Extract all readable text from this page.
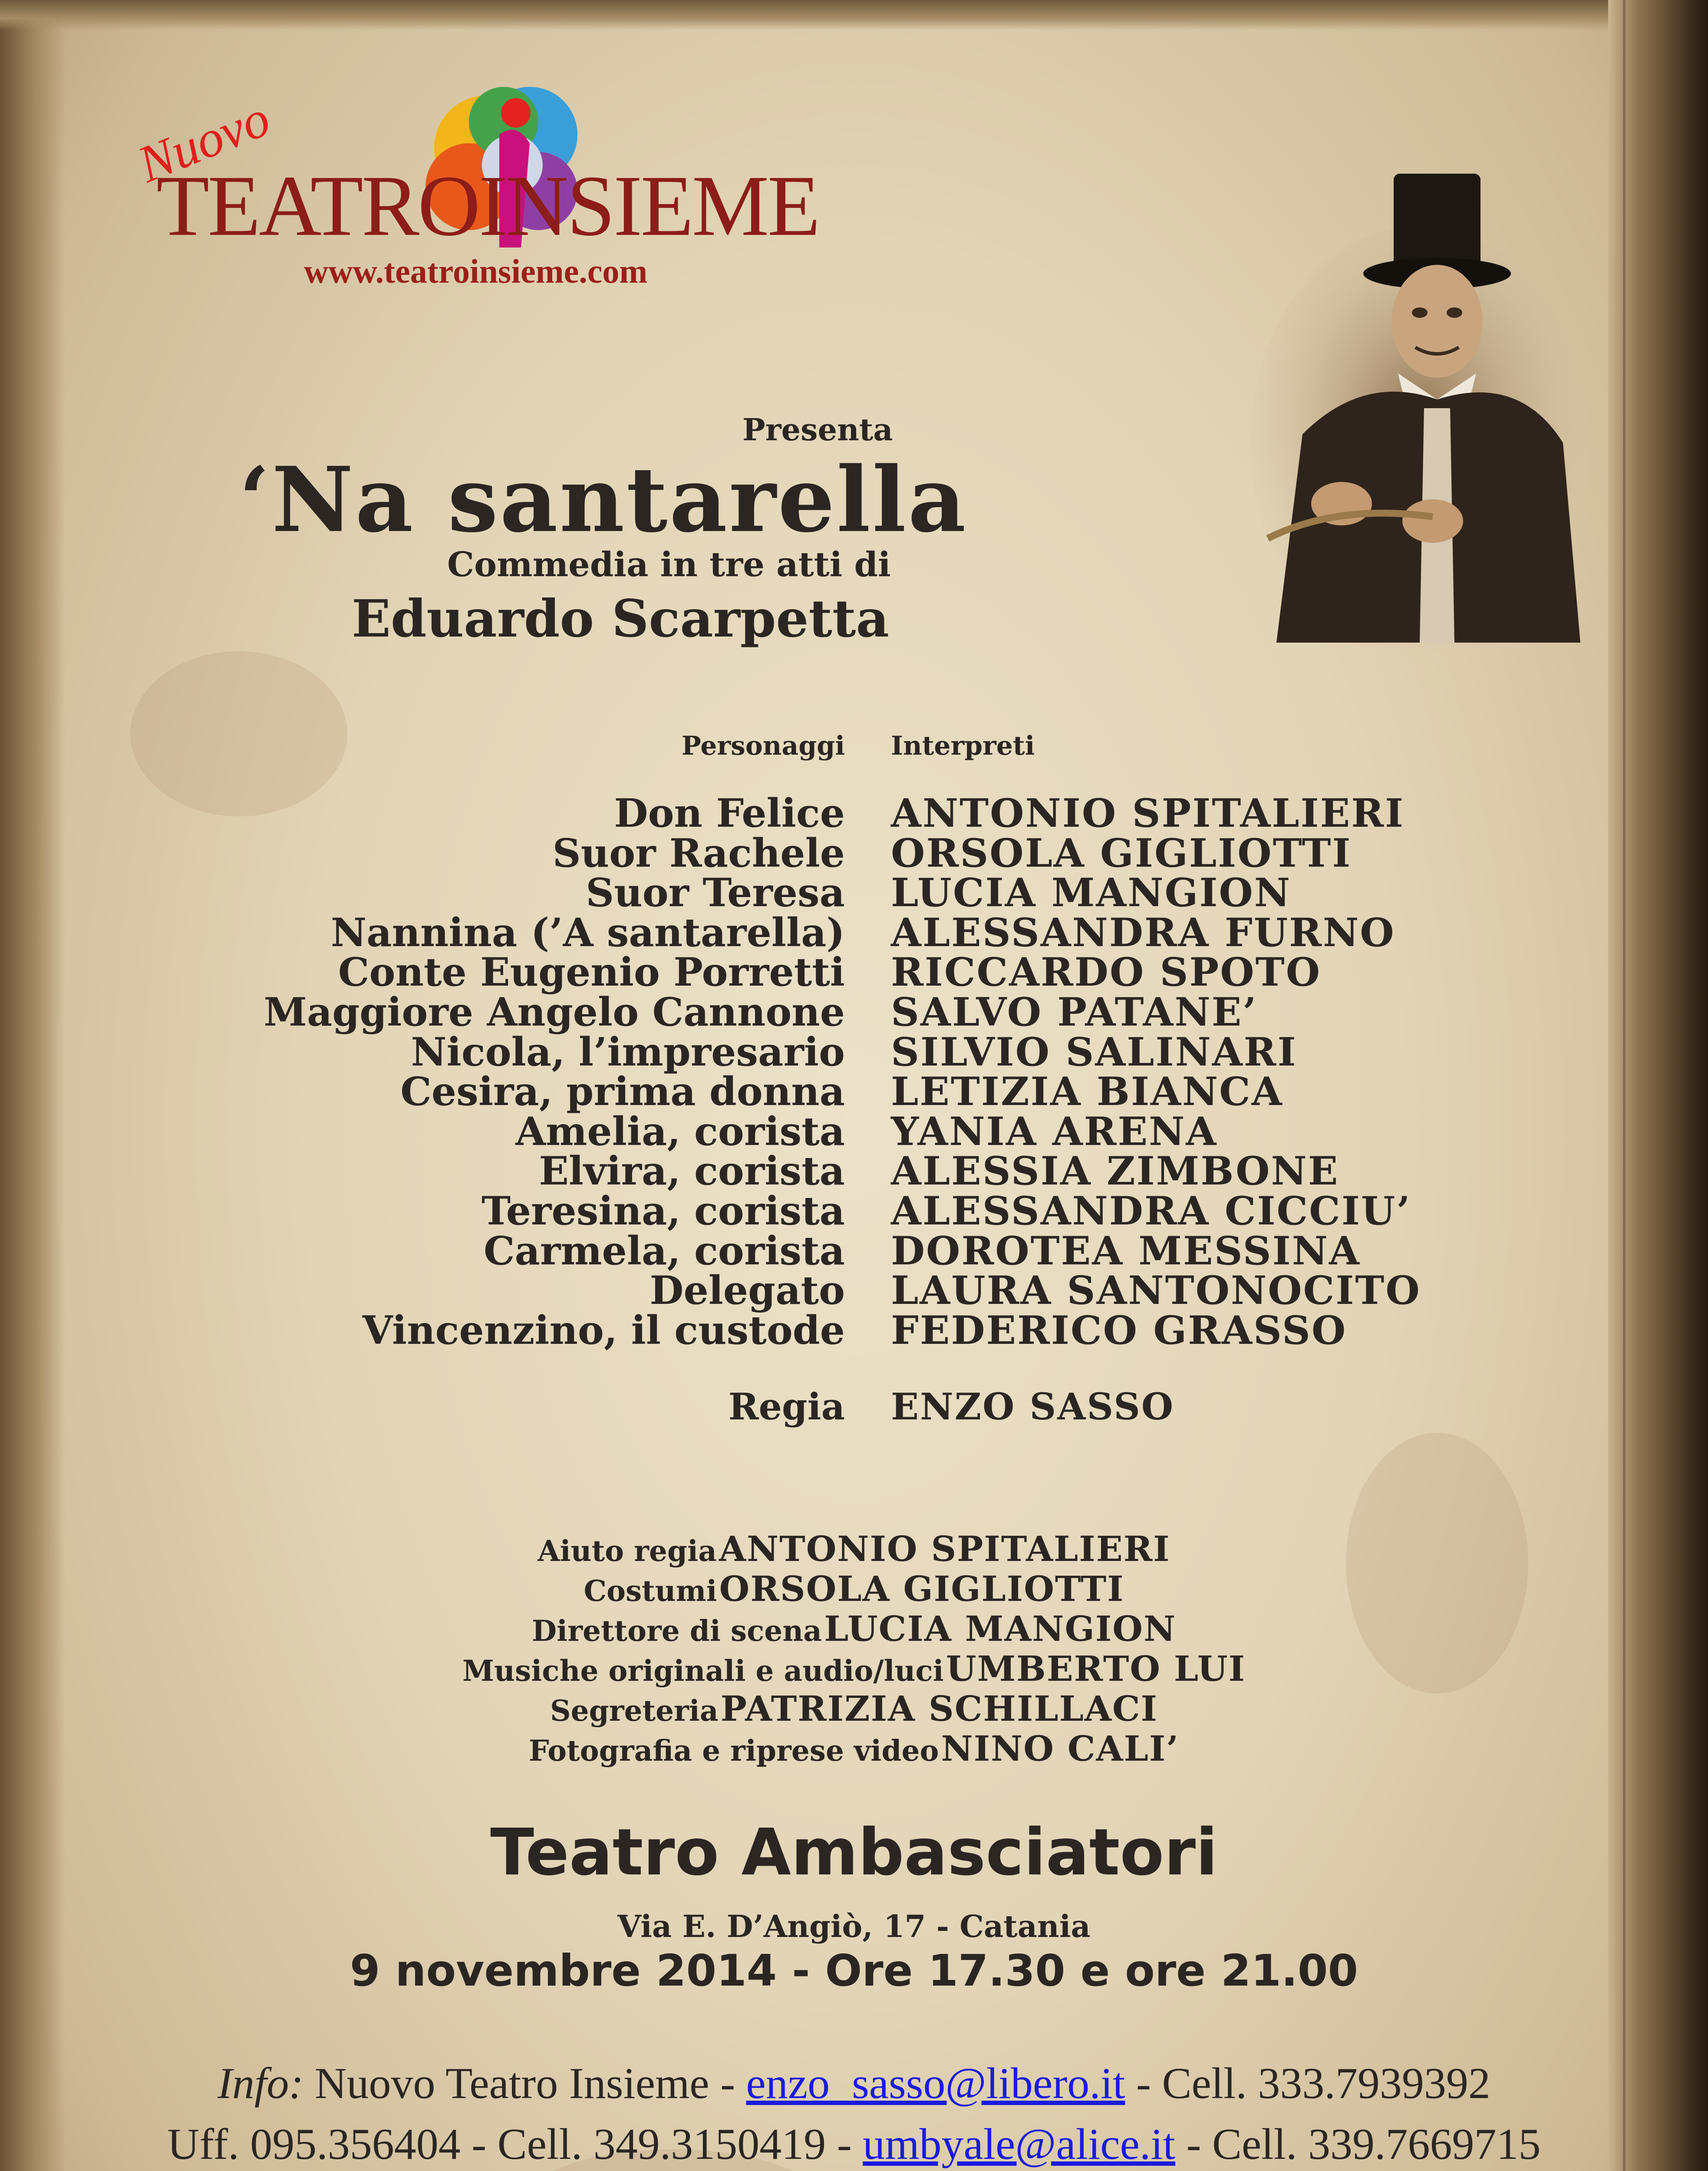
TEATROINSIEME
Nuovo
www.teatroinsieme.com
Presenta
‘Na santarella
Commedia in tre atti di
Eduardo Scarpetta
Personaggi Interpreti
Don Felice ANTONIO SPITALIERI
Suor Rachele ORSOLA GIGLIOTTI
Suor Teresa LUCIA MANGION
Nannina (’A santarella) ALESSANDRA FURNO
Conte Eugenio Porretti RICCARDO SPOTO
Maggiore Angelo Cannone SALVO PATANE’
Nicola, l’impresario SILVIO SALINARI
Cesira, prima donna LETIZIA BIANCA
Amelia, corista YANIA ARENA
Elvira, corista ALESSIA ZIMBONE
Teresina, corista ALESSANDRA CICCIU’
Carmela, corista DOROTEA MESSINA
Delegato LAURA SANTONOCITO
Vincenzino, il custode FEDERICO GRASSO
Regia ENZO SASSO
Aiuto regia ANTONIO SPITALIERI
Costumi ORSOLA GIGLIOTTI
Direttore di scena LUCIA MANGION
Musiche originali e audio/luci UMBERTO LUI
Segreteria PATRIZIA SCHILLACI
Fotografia e riprese video NINO CALI’
Teatro Ambasciatori
Via E. D’Angiò, 17 - Catania
9 novembre 2014 - Ore 17.30 e ore 21.00
Info: Nuovo Teatro Insieme - enzo_sasso@libero.it - Cell. 333.7939392
Uff. 095.356404 - Cell. 349.3150419 - umbyale@alice.it - Cell. 339.7669715
